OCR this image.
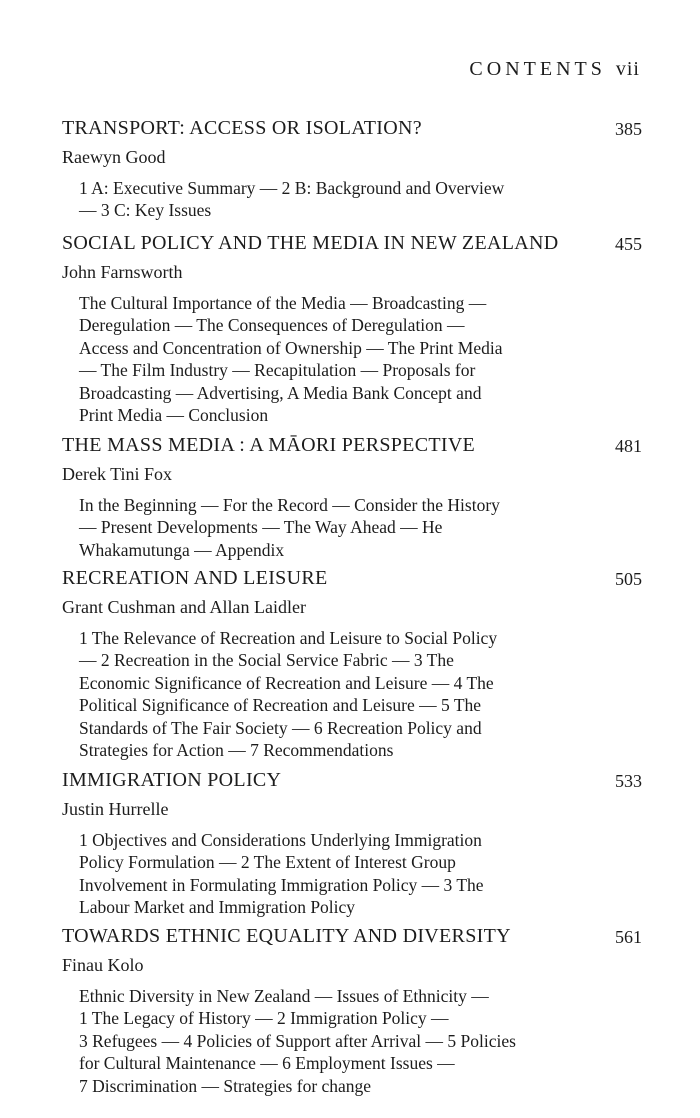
CONTENTS vii
TRANSPORT: ACCESS OR ISOLATION?	385
Raewyn Good
1 A: Executive Summary — 2 B: Background and Overview
— 3 C: Key Issues
SOCIAL POLICY AND THE MEDIA IN NEW ZEALAND	455
John Farnsworth
The Cultural Importance of the Media — Broadcasting —
Deregulation — The Consequences of Deregulation —
Access and Concentration of Ownership — The Print Media
— The Film Industry — Recapitulation — Proposals for
Broadcasting — Advertising, A Media Bank Concept and
Print Media — Conclusion
THE MASS MEDIA : A MĀORI PERSPECTIVE	481
Derek Tini Fox
In the Beginning — For the Record — Consider the History
— Present Developments — The Way Ahead — He
Whakamutunga — Appendix
RECREATION AND LEISURE	505
Grant Cushman and Allan Laidler
1 The Relevance of Recreation and Leisure to Social Policy
— 2 Recreation in the Social Service Fabric — 3 The
Economic Significance of Recreation and Leisure — 4 The
Political Significance of Recreation and Leisure — 5 The
Standards of The Fair Society — 6 Recreation Policy and
Strategies for Action — 7 Recommendations
IMMIGRATION POLICY	533
Justin Hurrelle
1 Objectives and Considerations Underlying Immigration
Policy Formulation — 2 The Extent of Interest Group
Involvement in Formulating Immigration Policy — 3 The
Labour Market and Immigration Policy
TOWARDS ETHNIC EQUALITY AND DIVERSITY	561
Finau Kolo
Ethnic Diversity in New Zealand — Issues of Ethnicity —
1 The Legacy of History — 2 Immigration Policy —
3 Refugees — 4 Policies of Support after Arrival — 5 Policies
for Cultural Maintenance — 6 Employment Issues —
7 Discrimination — Strategies for change
